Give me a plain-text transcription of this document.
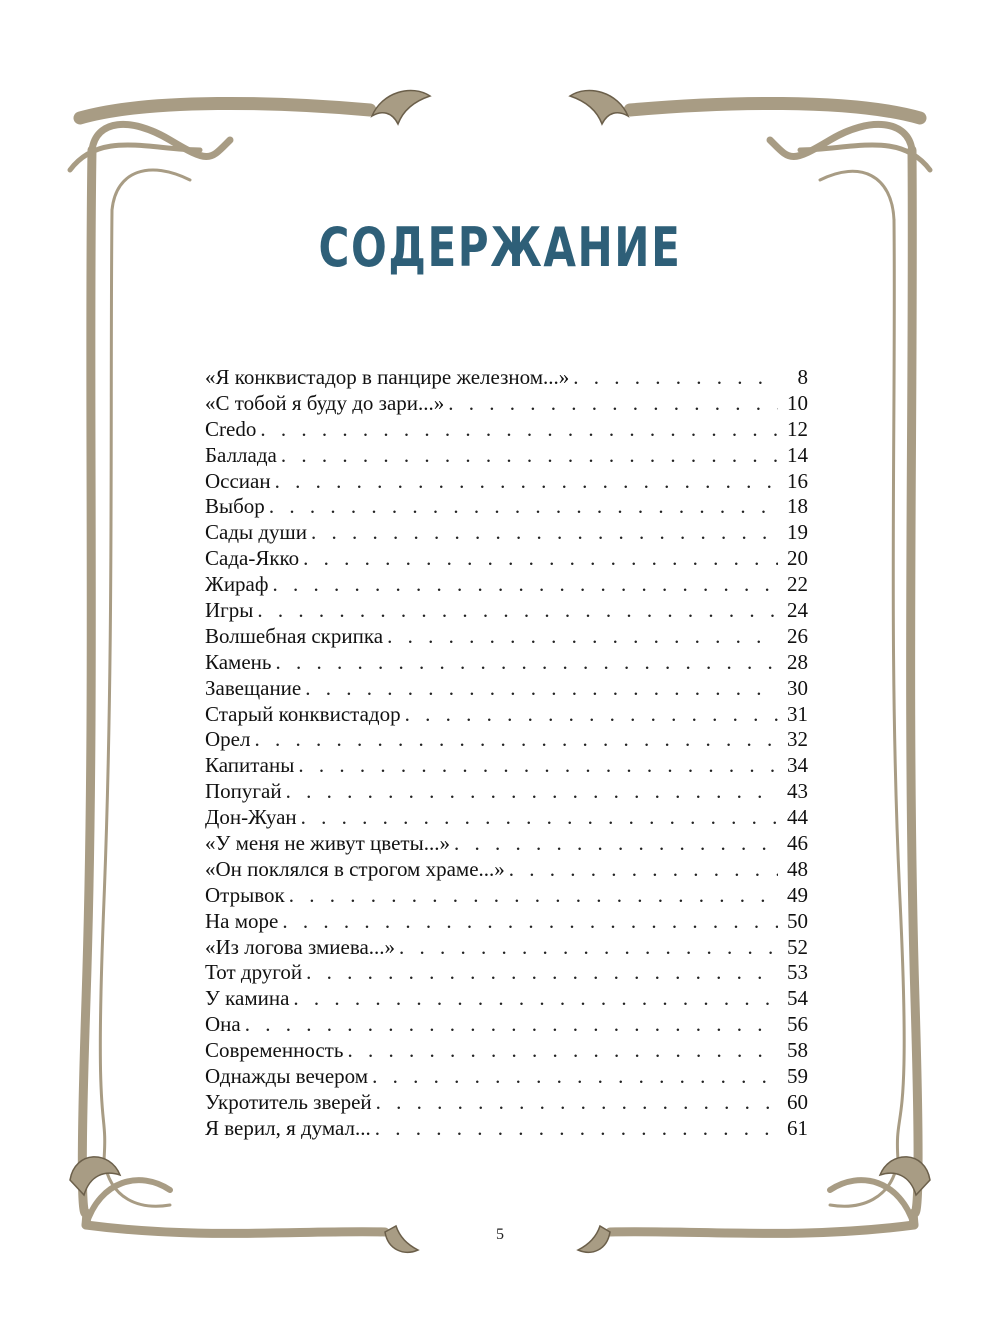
СОДЕРЖАНИЕ
«Я конквистадор в панцире железном...» . . .	8
«С тобой я буду до зари...» . . .	10
Credo . . .	12
Баллада . . .	14
Оссиан . . .	16
Выбор . . .	18
Сады души . . .	19
Сада-Якко . . .	20
Жираф . . .	22
Игры . . .	24
Волшебная скрипка . . .	26
Камень . . .	28
Завещание . . .	30
Старый конквистадор . . .	31
Орел . . .	32
Капитаны . . .	34
Попугай . . .	43
Дон-Жуан . . .	44
«У меня не живут цветы...» . . .	46
«Он поклялся в строгом храме...» . . .	48
Отрывок . . .	49
На море . . .	50
«Из логова змиева...» . . .	52
Тот другой . . .	53
У камина . . .	54
Она . . .	56
Современность . . .	58
Однажды вечером . . .	59
Укротитель зверей . . .	60
Я верил, я думал... . . .	61
5
